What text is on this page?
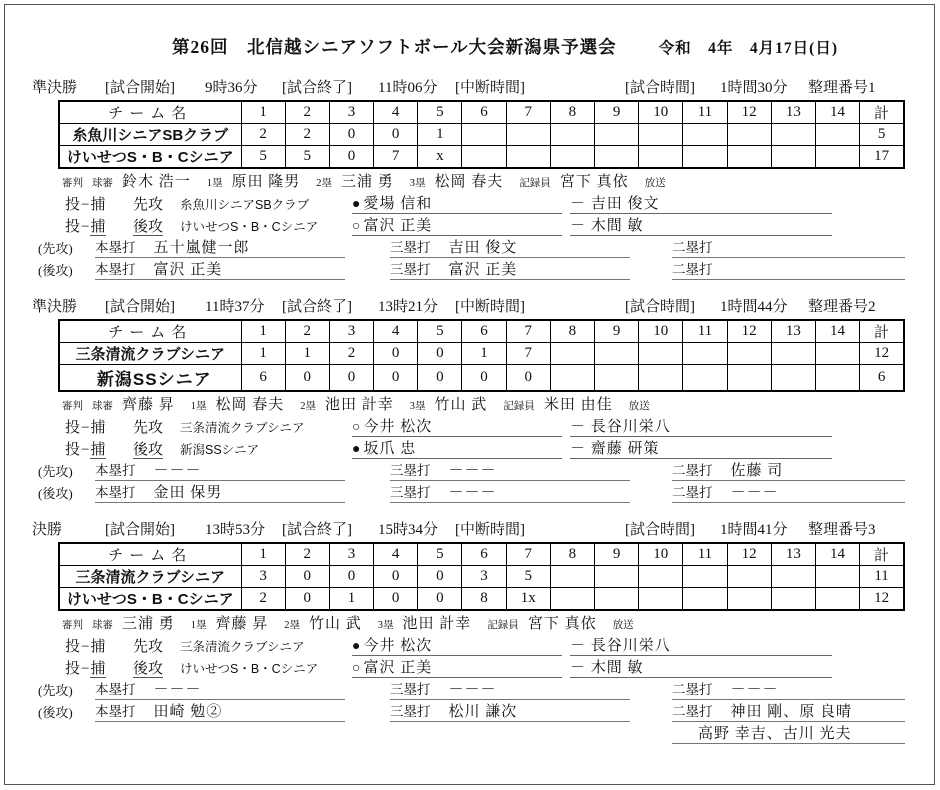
第26回　北信越シニアソフトボール大会新潟県予選会	令和　4年　4月17日(日)
準決勝 [試合開始] 9時36分 [試合終了] 11時06分 [中断時間]	[試合時間] 1時間30分 整理番号1
チーム名	1	2	3	4	5	6	7	8	9	10	11	12	13	14	計
糸魚川シニアSBクラブ	2	2	0	0	1										5
けいせつS・B・Cシニア	5	5	0	7	x										17
審判 球審 鈴木 浩一 1塁 原田 隆男 2塁 三浦 勇 3塁 松岡 春夫 記録員 宮下 真依 放送
投−捕	先攻	糸魚川シニアSBクラブ	● 愛場 信和	－ 吉田 俊文
投−捕	後攻	けいせつS・B・Cシニア	○ 富沢 正美	－ 木間 敏
(先攻)	本塁打 五十嵐健一郎	三塁打 吉田 俊文	二塁打
(後攻)	本塁打 富沢 正美	三塁打 富沢 正美	二塁打
準決勝 [試合開始] 11時37分 [試合終了] 13時21分 [中断時間]	[試合時間] 1時間44分 整理番号2
チーム名	1	2	3	4	5	6	7	8	9	10	11	12	13	14	計
三条清流クラブシニア	1	1	2	0	0	1	7								12
新潟SSシニア	6	0	0	0	0	0	0								6
審判 球審 齊藤 昇 1塁 松岡 春夫 2塁 池田 計幸 3塁 竹山 武 記録員 米田 由佳 放送
投−捕	先攻	三条清流クラブシニア	○ 今井 松次	－ 長谷川栄八
投−捕	後攻	新潟SSシニア	● 坂爪 忠	－ 齋藤 研策
(先攻)	本塁打 －－－	三塁打 －－－	二塁打 佐藤 司
(後攻)	本塁打 金田 保男	三塁打 －－－	二塁打 －－－
決勝	[試合開始] 13時53分 [試合終了] 15時34分 [中断時間]	[試合時間] 1時間41分 整理番号3
チーム名	1	2	3	4	5	6	7	8	9	10	11	12	13	14	計
三条清流クラブシニア	3	0	0	0	0	3	5								11
けいせつS・B・Cシニア	2	0	1	0	0	8	1x								12
審判 球審 三浦 勇 1塁 齊藤 昇 2塁 竹山 武 3塁 池田 計幸 記録員 宮下 真依 放送
投−捕	先攻	三条清流クラブシニア	● 今井 松次	－ 長谷川栄八
投−捕	後攻	けいせつS・B・Cシニア	○ 富沢 正美	－ 木間 敏
(先攻)	本塁打 －－－	三塁打 －－－	二塁打 －－－
(後攻)	本塁打 田崎 勉②	三塁打 松川 謙次	二塁打 神田 剛、原 良晴
高野 幸吉、古川 光夫
